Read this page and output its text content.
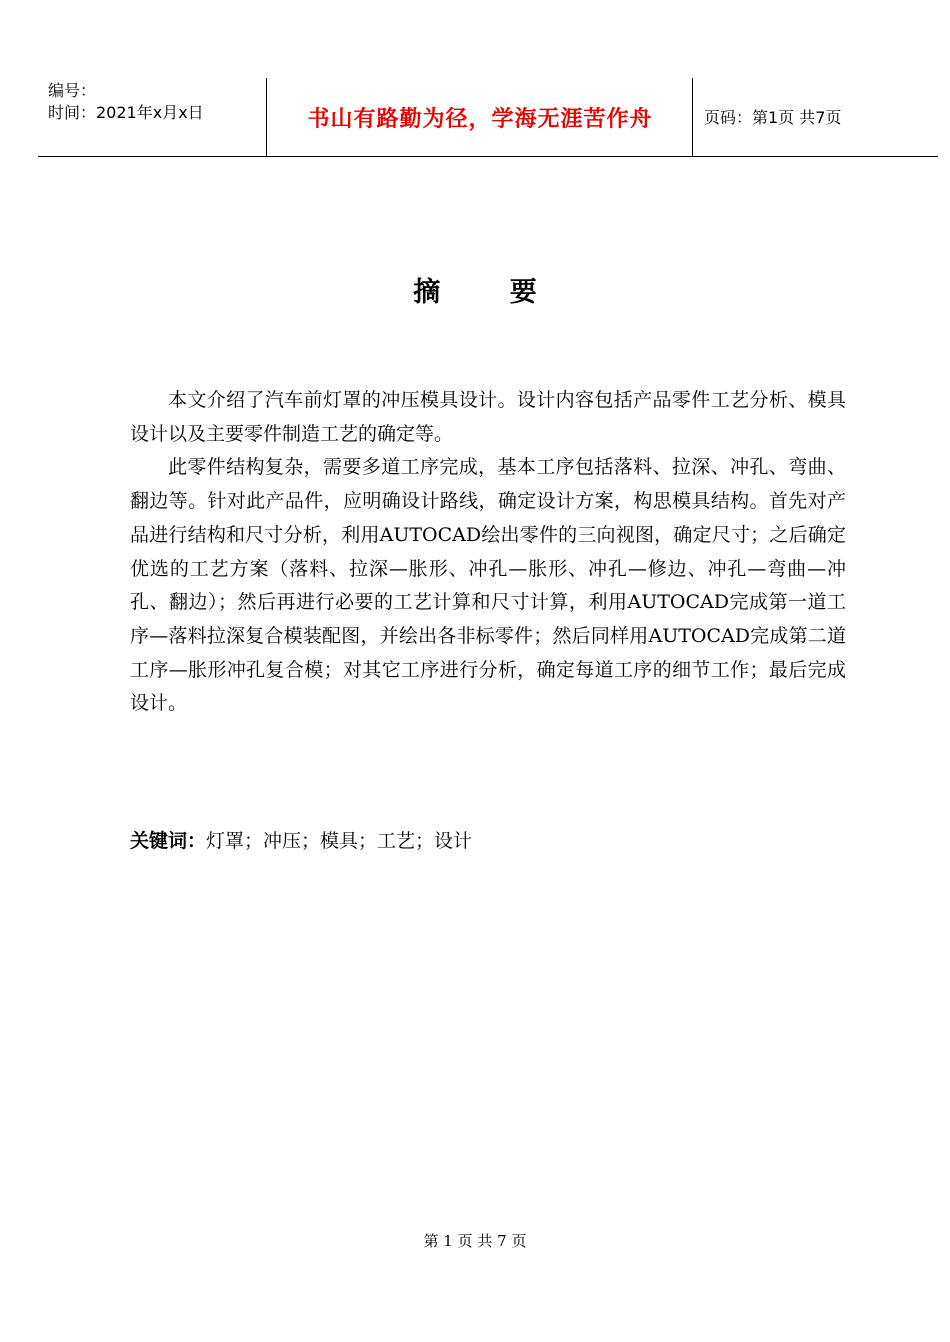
编号：
时间：2021年x月x日	书山有路勤为径，学海无涯苦作舟	页码：第1页 共7页
摘 要

本文介绍了汽车前灯罩的冲压模具设计。设计内容包括产品零件工艺分析、模具设计以及主要零件制造工艺的确定等。

此零件结构复杂，需要多道工序完成，基本工序包括落料、拉深、冲孔、弯曲、翻边等。针对此产品件，应明确设计路线，确定设计方案，构思模具结构。首先对产品进行结构和尺寸分析，利用AUTOCAD绘出零件的三向视图，确定尺寸；之后确定优选的工艺方案（落料、拉深—胀形、冲孔—胀形、冲孔—修边、冲孔—弯曲—冲孔、翻边）；然后再进行必要的工艺计算和尺寸计算，利用AUTOCAD完成第一道工序—落料拉深复合模装配图，并绘出各非标零件；然后同样用AUTOCAD完成第二道工序—胀形冲孔复合模；对其它工序进行分析，确定每道工序的细节工作；最后完成设计。

关键词：灯罩；冲压；模具；工艺；设计
第 1 页 共 7 页
